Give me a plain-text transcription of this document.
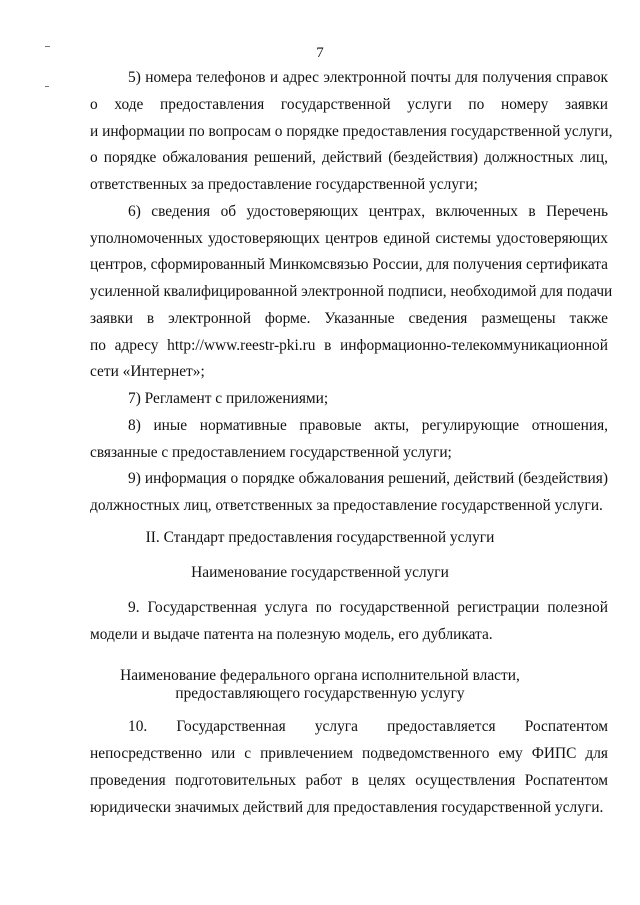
7
5) номера телефонов и адрес электронной почты для получения справок
о ходе предоставления государственной услуги по номеру заявки
и информации по вопросам о порядке предоставления государственной услуги,
о порядке обжалования решений, действий (бездействия) должностных лиц,
ответственных за предоставление государственной услуги;
6) сведения об удостоверяющих центрах, включенных в Перечень
уполномоченных удостоверяющих центров единой системы удостоверяющих
центров, сформированный Минкомсвязью России, для получения сертификата
усиленной квалифицированной электронной подписи, необходимой для подачи
заявки в электронной форме. Указанные сведения размещены также
по адресу http://www.reestr-pki.ru в информационно-телекоммуникационной
сети «Интернет»;
7) Регламент с приложениями;
8) иные нормативные правовые акты, регулирующие отношения,
связанные с предоставлением государственной услуги;
9) информация о порядке обжалования решений, действий (бездействия)
должностных лиц, ответственных за предоставление государственной услуги.
II. Стандарт предоставления государственной услуги
Наименование государственной услуги
9. Государственная услуга по государственной регистрации полезной
модели и выдаче патента на полезную модель, его дубликата.
Наименование федерального органа исполнительной власти,
предоставляющего государственную услугу
10. Государственная услуга предоставляется Роспатентом
непосредственно или с привлечением подведомственного ему ФИПС для
проведения подготовительных работ в целях осуществления Роспатентом
юридически значимых действий для предоставления государственной услуги.
